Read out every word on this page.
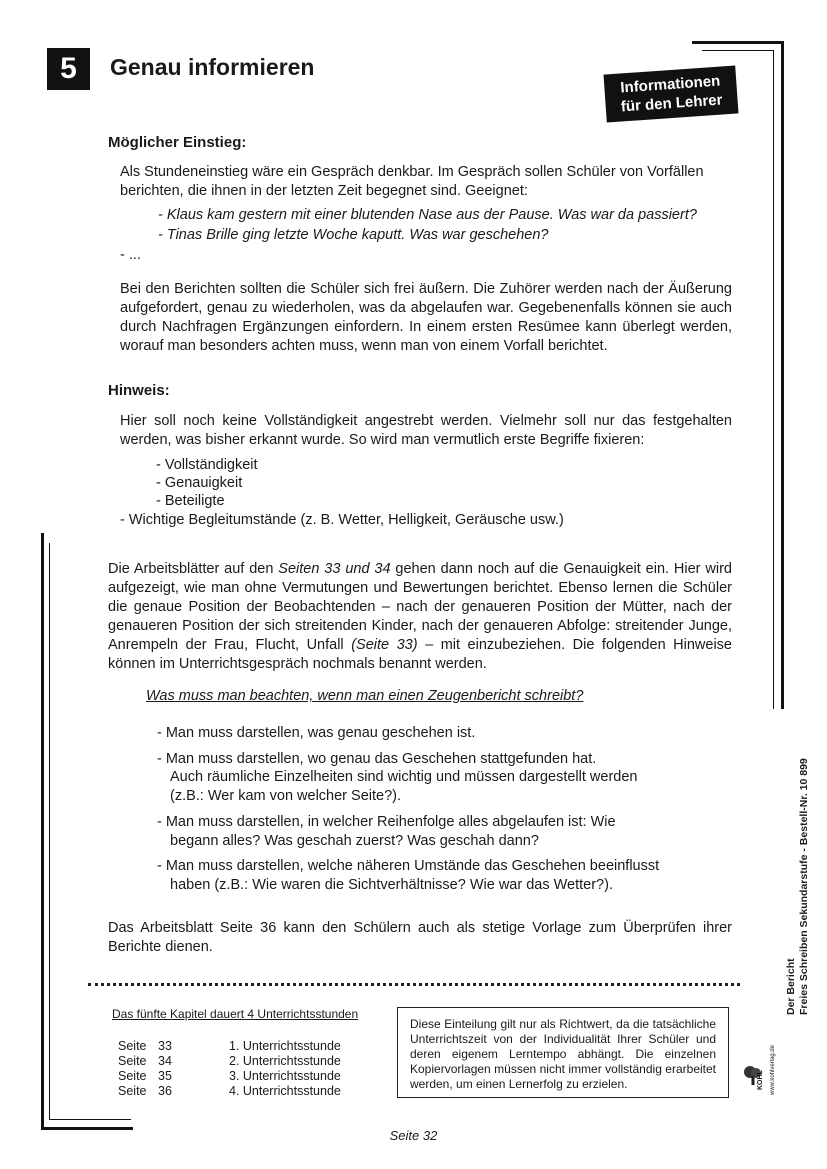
5	Genau informieren
Informationen
für den Lehrer
Möglicher Einstieg:
Als Stundeneinstieg wäre ein Gespräch denkbar. Im Gespräch sollen Schüler von Vorfällen berichten, die ihnen in der letzten Zeit begegnet sind. Geeignet:
- Klaus kam gestern mit einer blutenden Nase aus der Pause. Was war da passiert?
- Tinas Brille ging letzte Woche kaputt. Was war geschehen?
- ...
Bei den Berichten sollten die Schüler sich frei äußern. Die Zuhörer werden nach der Äußerung aufgefordert, genau zu wiederholen, was da abgelaufen war. Gegebenenfalls können sie auch durch Nachfragen Ergänzungen einfordern. In einem ersten Resümee kann überlegt werden, worauf man besonders achten muss, wenn man von einem Vorfall berichtet.
Hinweis:
Hier soll noch keine Vollständigkeit angestrebt werden. Vielmehr soll nur das festgehalten werden, was bisher erkannt wurde. So wird man vermutlich erste Begriffe fixieren:
- Vollständigkeit
- Genauigkeit
- Beteiligte
- Wichtige Begleitumstände (z. B. Wetter, Helligkeit, Geräusche usw.)
Die Arbeitsblätter auf den Seiten 33 und 34 gehen dann noch auf die Genauigkeit ein. Hier wird aufgezeigt, wie man ohne Vermutungen und Bewertungen berichtet. Ebenso lernen die Schüler die genaue Position der Beobachtenden – nach der genaueren Position der Mütter, nach der genaueren Position der sich streitenden Kinder, nach der genaueren Abfolge: streitender Junge, Anrempeln der Frau, Flucht, Unfall (Seite 33) – mit einzubeziehen. Die folgenden Hinweise können im Unterrichtsgespräch nochmals benannt werden.
Was muss man beachten, wenn man einen Zeugenbericht schreibt?
- Man muss darstellen, was genau geschehen ist.
- Man muss darstellen, wo genau das Geschehen stattgefunden hat.
Auch räumliche Einzelheiten sind wichtig und müssen dargestellt werden
(z.B.: Wer kam von welcher Seite?).
- Man muss darstellen, in welcher Reihenfolge alles abgelaufen ist: Wie
begann alles? Was geschah zuerst? Was geschah dann?
- Man muss darstellen, welche näheren Umstände das Geschehen beeinflusst
haben (z.B.: Wie waren die Sichtverhältnisse? Wie war das Wetter?).
Das Arbeitsblatt Seite 36 kann den Schülern auch als stetige Vorlage zum Überprüfen ihrer Berichte dienen.
Das fünfte Kapitel dauert 4 Unterrichtsstunden
Seite 33	1. Unterrichtsstunde
Seite 34	2. Unterrichtsstunde
Seite 35	3. Unterrichtsstunde
Seite 36	4. Unterrichtsstunde
Diese Einteilung gilt nur als Richtwert, da die tatsächliche Unterrichtszeit von der Individualität Ihrer Schüler und deren eigenem Lerntempo abhängt. Die einzelnen Kopiervorlagen müssen nicht immer vollständig erarbeitet werden, um einen Lernerfolg zu erzielen.	KOHL www.kohlverlag.de
Der Bericht Freies Schreiben Sekundarstufe - Bestell-Nr. 10 899
Seite 32
